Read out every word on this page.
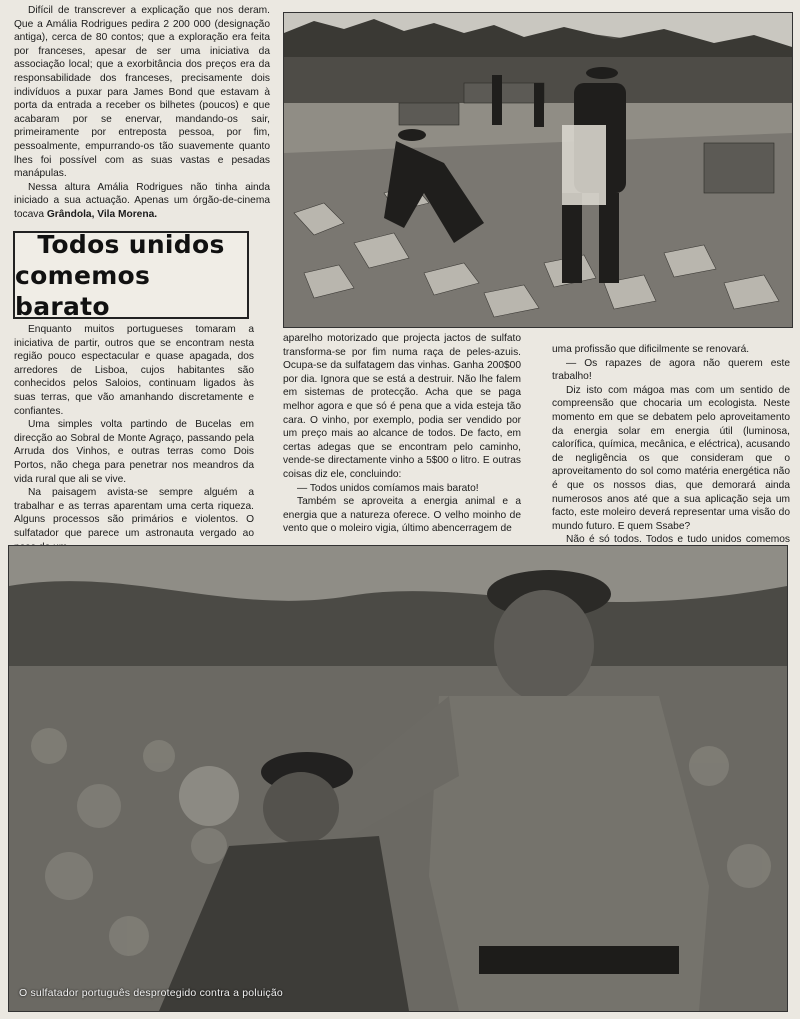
Difícil de transcrever a explicação que nos deram. Que a Amália Rodrigues pedira 2 200 000 (designação antiga), cerca de 80 contos; que a exploração era feita por franceses, apesar de ser uma iniciativa da associação local; que a exorbitância dos preços era da responsabilidade dos franceses, precisamente dois indivíduos a puxar para James Bond que estavam à porta da entrada a receber os bilhetes (poucos) e que acabaram por se enervar, mandando-os sair, primeiramente por entreposta pessoa, por fim, pessoalmente, empurrando-os tão suavemente quanto lhes foi possível com as suas vastas e pesadas manápulas.

Nessa altura Amália Rodrigues não tinha ainda iniciado a sua actuação. Apenas um órgão-de-cinema tocava Grândola, Vila Morena.

Todos unidos
comemos barato

Enquanto muitos portugueses tomaram a iniciativa de partir, outros que se encontram nesta região pouco espectacular e quase apagada, dos arredores de Lisboa, cujos habitantes são conhecidos pelos Saloios, continuam ligados às suas terras, que vão amanhando discretamente e confiantes.

Uma simples volta partindo de Bucelas em direcção ao Sobral de Monte Agraço, passando pela Arruda dos Vinhos, e outras terras como Dois Portos, não chega para penetrar nos meandros da vida rural que ali se vive.

Na paisagem avista-se sempre alguém a trabalhar e as terras aparentam uma certa riqueza. Alguns processos são primários e violentos. O sulfatador que parece um astronauta vergado ao

aparelho motorizado que projecta jactos de sulfato transforma-se por fim numa raça de peles-azuis. Ocupa-se da sulfatagem das vinhas. Ganha 200$00 por dia. Ignora que se está a destruir. Não lhe falem em sistemas de protecção. Acha que se paga melhor agora e que só é pena que a vida esteja tão cara. O vinho, por exemplo, podia ser vendido por um preço mais ao alcance de todos. De facto, em certas adegas que se encontram pelo caminho, vende-se directamente vinho a 5$00 o litro. E outras coisas diz ele, concluindo:

— Todos unidos comíamos mais barato!

Também se aproveita a energia animal e a energia que a natureza oferece. O velho moinho de vento que o moleiro vigia, último abencerragem de

uma profissão que dificilmente se renovará.

— Os rapazes de agora não querem este trabalho!

Diz isto com mágoa mas com um sentido de compreensão que chocaria um ecologista. Neste momento em que se debatem pelo aproveitamento da energia solar em energia útil (luminosa, calorífica, química, mecânica, e eléctrica), acusando de negligência os que consideram que o aproveitamento do sol como matéria energética não é que os nossos dias, que demorará ainda numerosos anos até que a sua aplicação seja um facto, este moleiro deverá representar uma visão do mundo futuro. E quem Ssabe?

Não é só todos. Todos e tudo unidos comemos

O sulfatador português desprotegido contra a poluição
